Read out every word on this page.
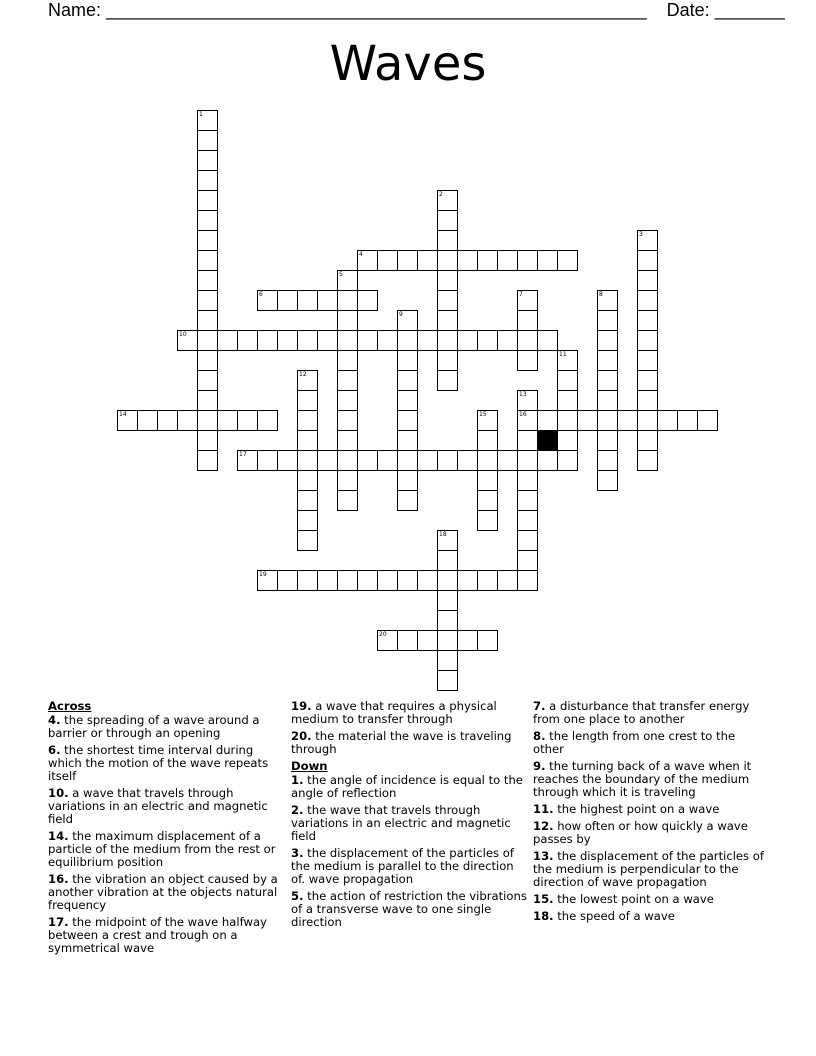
Name: ______________________________________________________ Date: _______
Waves
1
2
3
4
5
6	7	8
9
10
11
12
13
16
14	15
17
18
19
20
Across
4. the spreading of a wave around a barrier or through an opening
6. the shortest time interval during which the motion of the wave repeats itself
10. a wave that travels through variations in an electric and magnetic field
14. the maximum displacement of a particle of the medium from the rest or equilibrium position
16. the vibration an object caused by a another vibration at the objects natural frequency
17. the midpoint of the wave halfway between a crest and trough on a symmetrical wave
19. a wave that requires a physical medium to transfer through
20. the material the wave is traveling through
Down
1. the angle of incidence is equal to the angle of reflection
2. the wave that travels through variations in an electric and magnetic field
3. the displacement of the particles of the medium is parallel to the direction of. wave propagation
5. the action of restriction the vibrations of a transverse wave to one single direction
7. a disturbance that transfer energy from one place to another
8. the length from one crest to the other
9. the turning back of a wave when it reaches the boundary of the medium through which it is traveling
11. the highest point on a wave
12. how often or how quickly a wave passes by
13. the displacement of the particles of the medium is perpendicular to the direction of wave propagation
15. the lowest point on a wave
18. the speed of a wave
